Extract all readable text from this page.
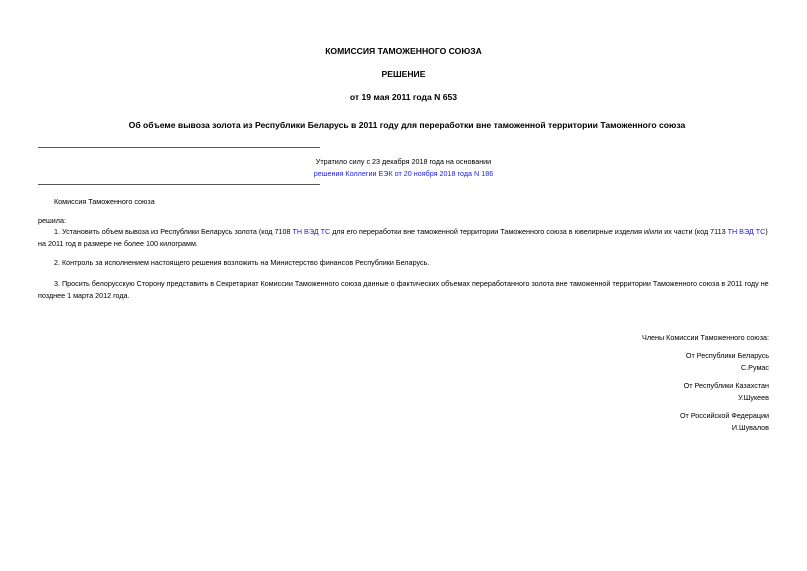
КОМИССИЯ ТАМОЖЕННОГО СОЮЗА
РЕШЕНИЕ
от 19 мая 2011 года N 653
Об объеме вывоза золота из Республики Беларусь в 2011 году для переработки вне таможенной территории Таможенного союза
Утратило силу с 23 декабря 2018 года на основании
решения Коллегии ЕЭК от 20 ноября 2018 года N 186
Комиссия Таможенного союза
решила:
1. Установить объем вывоза из Республики Беларусь золота (код 7108 ТН ВЭД ТС для его переработки вне таможенной территории Таможенного союза в ювелирные изделия и/или их части (код 7113 ТН ВЭД ТС) на 2011 год в размере не более 100 килограмм.
2. Контроль за исполнением настоящего решения возложить на Министерство финансов Республики Беларусь.
3. Просить белорусскую Сторону представить в Секретариат Комиссии Таможенного союза данные о фактических объемах переработанного золота вне таможенной территории Таможенного союза в 2011 году не позднее 1 марта 2012 года.
Члены Комиссии Таможенного союза:
От Республики Беларусь
С.Румас
От Республики Казахстан
У.Шукеев
От Российской Федерации
И.Шувалов
